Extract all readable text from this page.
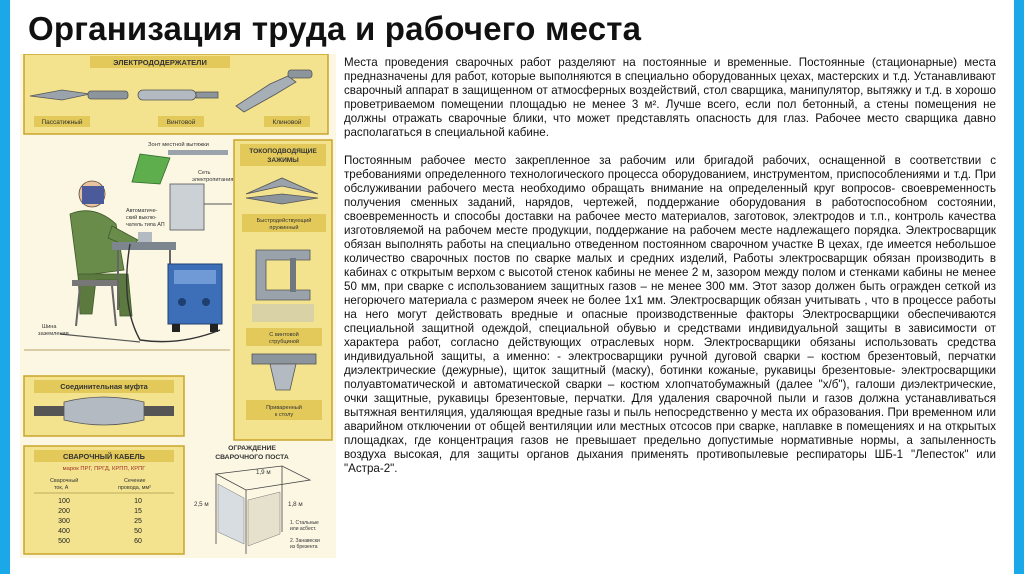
Организация труда и рабочего места
ЭЛЕКТРОДОДЕРЖАТЕЛИ
Пассатижный	Винтовой	Клиновой
ТОКОПОДВОДЯЩИЕ
ЗАЖИМЫ
Быстродействующий
пружинный
С винтовой
струбциной
Приваренный
к столу
Зонт местной вытяжки
Сеть
электропитания
Автоматиче-
ский выклю-
чатель типа АП
Шина
заземления
Соединительная муфта
СВАРОЧНЫЙ КАБЕЛЬ
марок ПРГ, ПРГД, КРПП, КРПГ
Сварочный
ток, А
Сечение
провода, мм²
100	10
200	15
300	25
400	50
500	60
ОГРАЖДЕНИЕ
СВАРОЧНОГО ПОСТА
2,5 м	1,8 м
1,9 м
1. Стальные
или асбест.
2. Занавески
из брезента

Места проведения сварочных работ разделяют на постоянные и временные. Постоянные (стационарные) места предназначены для работ, которые выполняются в специально оборудованных цехах, мастерских и т.д. Устанавливают сварочный аппарат в защищенном от атмосферных воздействий, стол сварщика, манипулятор, вытяжку и т.д. в хорошо проветриваемом помещении площадью не менее 3 м². Лучше всего, если пол бетонный, а стены помещения не должны отражать сварочные блики, что может представлять опасность для глаз. Рабочее место сварщика давно располагаться в специальной кабине.

Постоянным рабочее место закрепленное за рабочим или бригадой рабочих, оснащенной в соответствии с требованиями определенного технологического процесса оборудованием, инструментом, приспособлениями и т.д. При обслуживании рабочего места необходимо обращать внимание на определенный круг вопросов- своевременность получения сменных заданий, нарядов, чертежей, поддержание оборудования в работоспособном состоянии, своевременность и способы доставки на рабочее место материалов, заготовок, электродов и т.п., контроль качества изготовляемой на рабочем месте продукции, поддержание на рабочем месте надлежащего порядка. Электросварщик обязан выполнять работы на специально отведенном постоянном сварочном участке В цехах, где имеется небольшое количество сварочных постов по сварке малых и средних изделий, Работы электросварщик обязан производить в кабинах с открытым верхом с высотой стенок кабины не менее 2 м, зазором между полом и стенками кабины не менее 50 мм, при сварке с использованием защитных газов – не менее 300 мм. Этот зазор должен быть огражден сеткой из негорючего материала с размером ячеек не более 1х1 мм. Электросварщик обязан учитывать , что в процессе работы на него могут действовать вредные и опасные производственные факторы Электросварщики обеспечиваются специальной защитной одеждой, специальной обувью и средствами индивидуальной защиты в зависимости от характера работ, согласно действующих отраслевых норм. Электросварщики обязаны использовать средства индивидуальной защиты, а именно: - электросварщики ручной дуговой сварки – костюм брезентовый, перчатки диэлектрические (дежурные), щиток защитный (маску), ботинки кожаные, рукавицы брезентовые- электросварщики полуавтоматической и автоматической сварки – костюм хлопчатобумажный (далее "х/б"), галоши диэлектрические, очки защитные, рукавицы брезентовые, перчатки. Для удаления сварочной пыли и газов должна устанавливаться вытяжная вентиляция, удаляющая вредные газы и пыль непосредственно у места их образования. При временном или аварийном отключении от общей вентиляции или местных отсосов при сварке, наплавке в помещениях и на открытых площадках, где концентрация газов не превышает предельно допустимые нормативные нормы, а запыленность воздуха высокая, для защиты органов дыхания применять противопылевые респираторы ШБ-1 "Лепесток" или "Астра-2".
